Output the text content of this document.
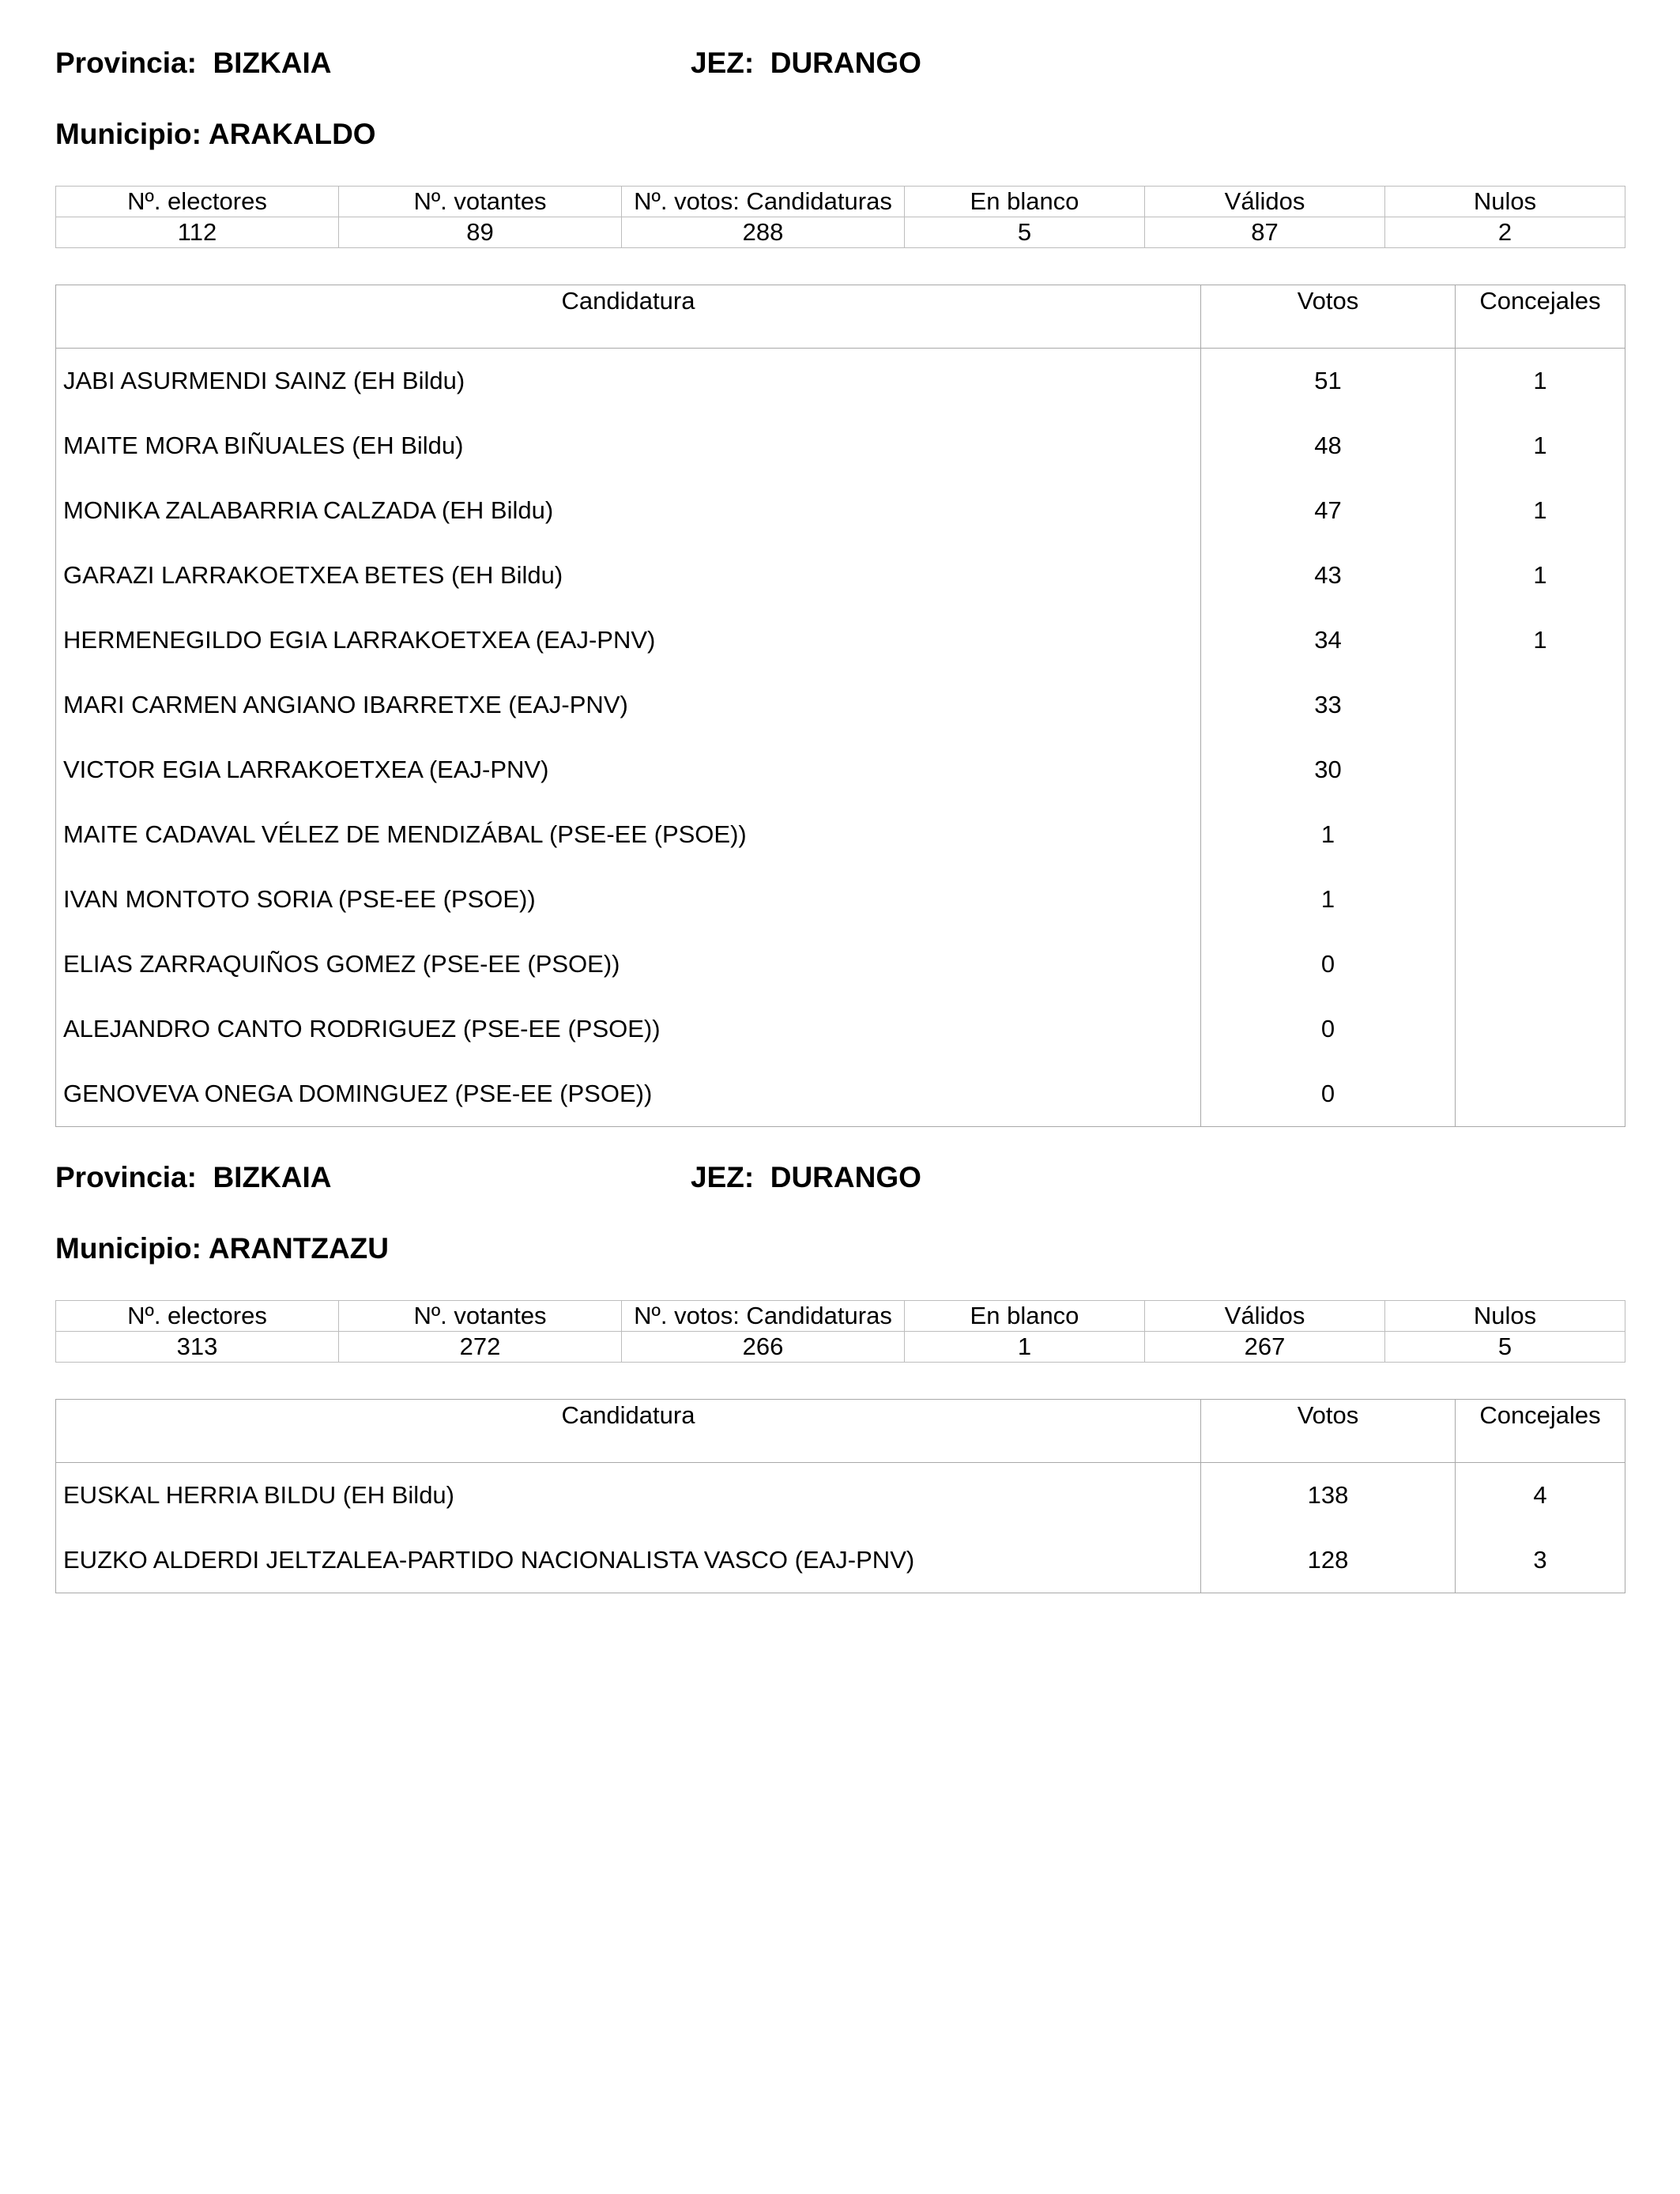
Provincia:  BIZKAIA	JEZ:  DURANGO
Municipio: ARAKALDO
Nº. electores	Nº. votantes	Nº. votos: Candidaturas	En blanco	Válidos	Nulos
112	89	288	5	87	2
Candidatura	Votos	Concejales
JABI ASURMENDI SAINZ (EH Bildu)	51	1
MAITE MORA BIÑUALES (EH Bildu)	48	1
MONIKA ZALABARRIA CALZADA (EH Bildu)	47	1
GARAZI LARRAKOETXEA BETES (EH Bildu)	43	1
HERMENEGILDO EGIA LARRAKOETXEA (EAJ-PNV)	34	1
MARI CARMEN ANGIANO IBARRETXE (EAJ-PNV)	33	
VICTOR EGIA LARRAKOETXEA (EAJ-PNV)	30	
MAITE CADAVAL VÉLEZ DE MENDIZÁBAL (PSE-EE (PSOE))	1	
IVAN MONTOTO SORIA (PSE-EE (PSOE))	1	
ELIAS ZARRAQUIÑOS GOMEZ (PSE-EE (PSOE))	0	
ALEJANDRO CANTO RODRIGUEZ (PSE-EE (PSOE))	0	
GENOVEVA ONEGA DOMINGUEZ (PSE-EE (PSOE))	0	
Provincia:  BIZKAIA	JEZ:  DURANGO
Municipio: ARANTZAZU
Nº. electores	Nº. votantes	Nº. votos: Candidaturas	En blanco	Válidos	Nulos
313	272	266	1	267	5
Candidatura	Votos	Concejales
EUSKAL HERRIA BILDU (EH Bildu)	138	4
EUZKO ALDERDI JELTZALEA-PARTIDO NACIONALISTA VASCO (EAJ-PNV)	128	3
